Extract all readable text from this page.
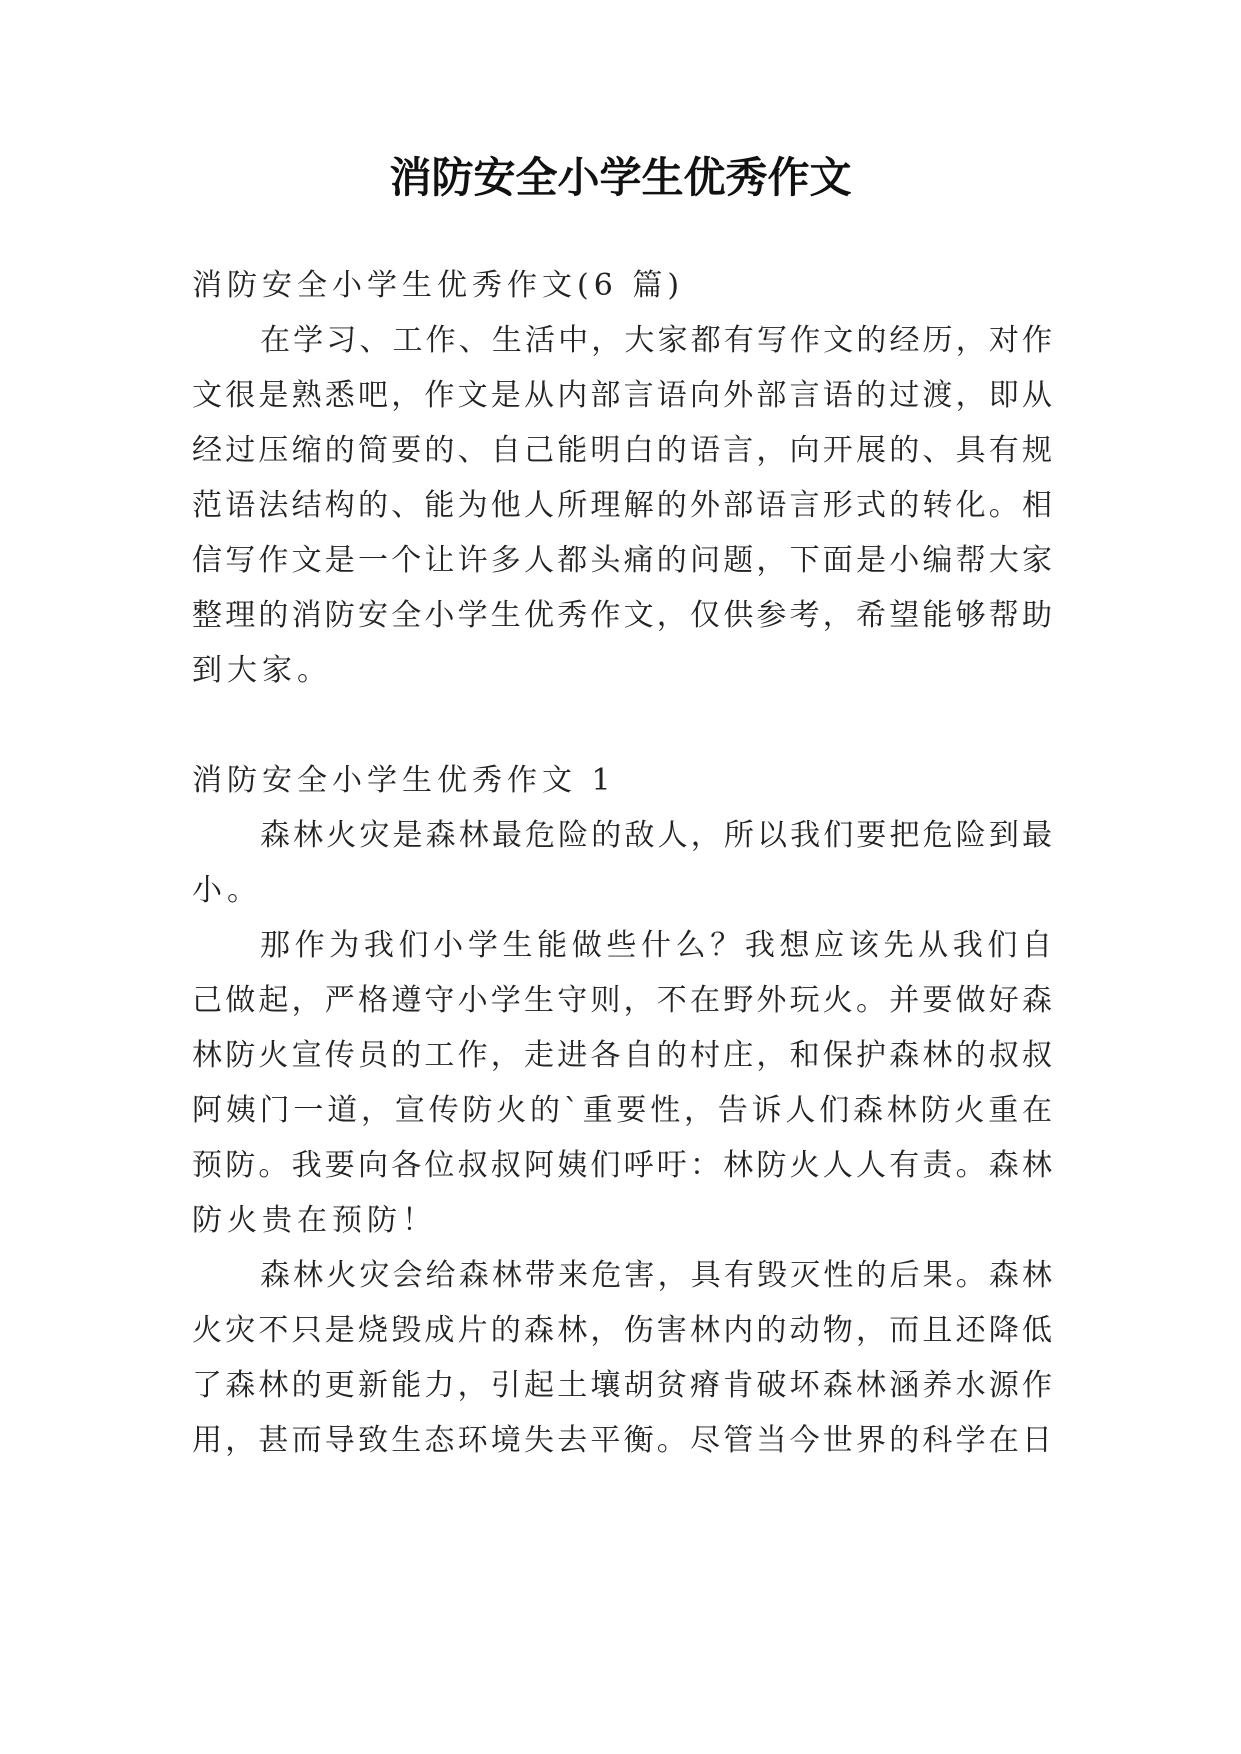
消防安全小学生优秀作文

消防安全小学生优秀作文(6 篇)

在学习、工作、生活中，大家都有写作文的经历，对作

文很是熟悉吧，作文是从内部言语向外部言语的过渡，即从

经过压缩的简要的、自己能明白的语言，向开展的、具有规

范语法结构的、能为他人所理解的外部语言形式的转化。相

信写作文是一个让许多人都头痛的问题，下面是小编帮大家

整理的消防安全小学生优秀作文，仅供参考，希望能够帮助

到大家。

消防安全小学生优秀作文 1

森林火灾是森林最危险的敌人，所以我们要把危险到最

小。

那作为我们小学生能做些什么？我想应该先从我们自

己做起，严格遵守小学生守则，不在野外玩火。并要做好森

林防火宣传员的工作，走进各自的村庄，和保护森林的叔叔

阿姨门一道，宣传防火的`重要性，告诉人们森林防火重在

预防。我要向各位叔叔阿姨们呼吁：林防火人人有责。森林

防火贵在预防！

森林火灾会给森林带来危害，具有毁灭性的后果。森林

火灾不只是烧毁成片的森林，伤害林内的动物，而且还降低

了森林的更新能力，引起土壤胡贫瘠肯破坏森林涵养水源作

用，甚而导致生态环境失去平衡。尽管当今世界的科学在日
